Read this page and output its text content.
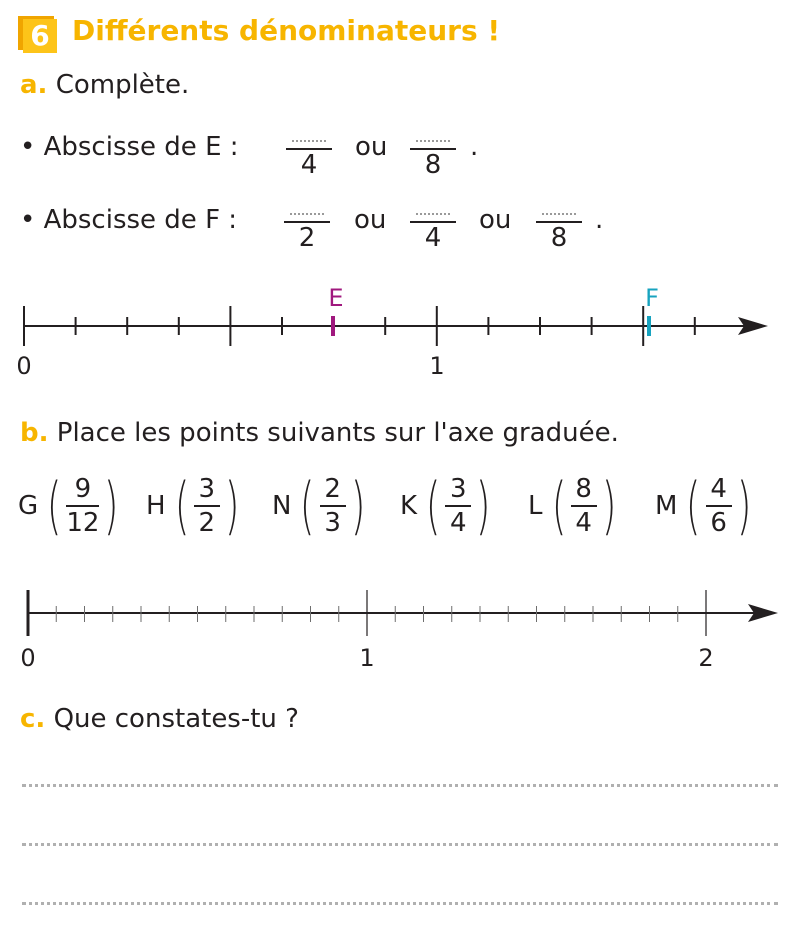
6 Différents dénominateurs !
a. Complète.
• Abscisse de E :
4
ou
8
.
• Abscisse de F :
2
ou
4
ou
8
.
E	F
0	1
b. Place les points suivants sur l'axe graduée.
G ( 9
12 ) H ( 3
2 ) N ( 2
3 ) K ( 3
4 ) L ( 8
4 ) M ( 4
6 )
0	1	2
c. Que constates-tu ?
